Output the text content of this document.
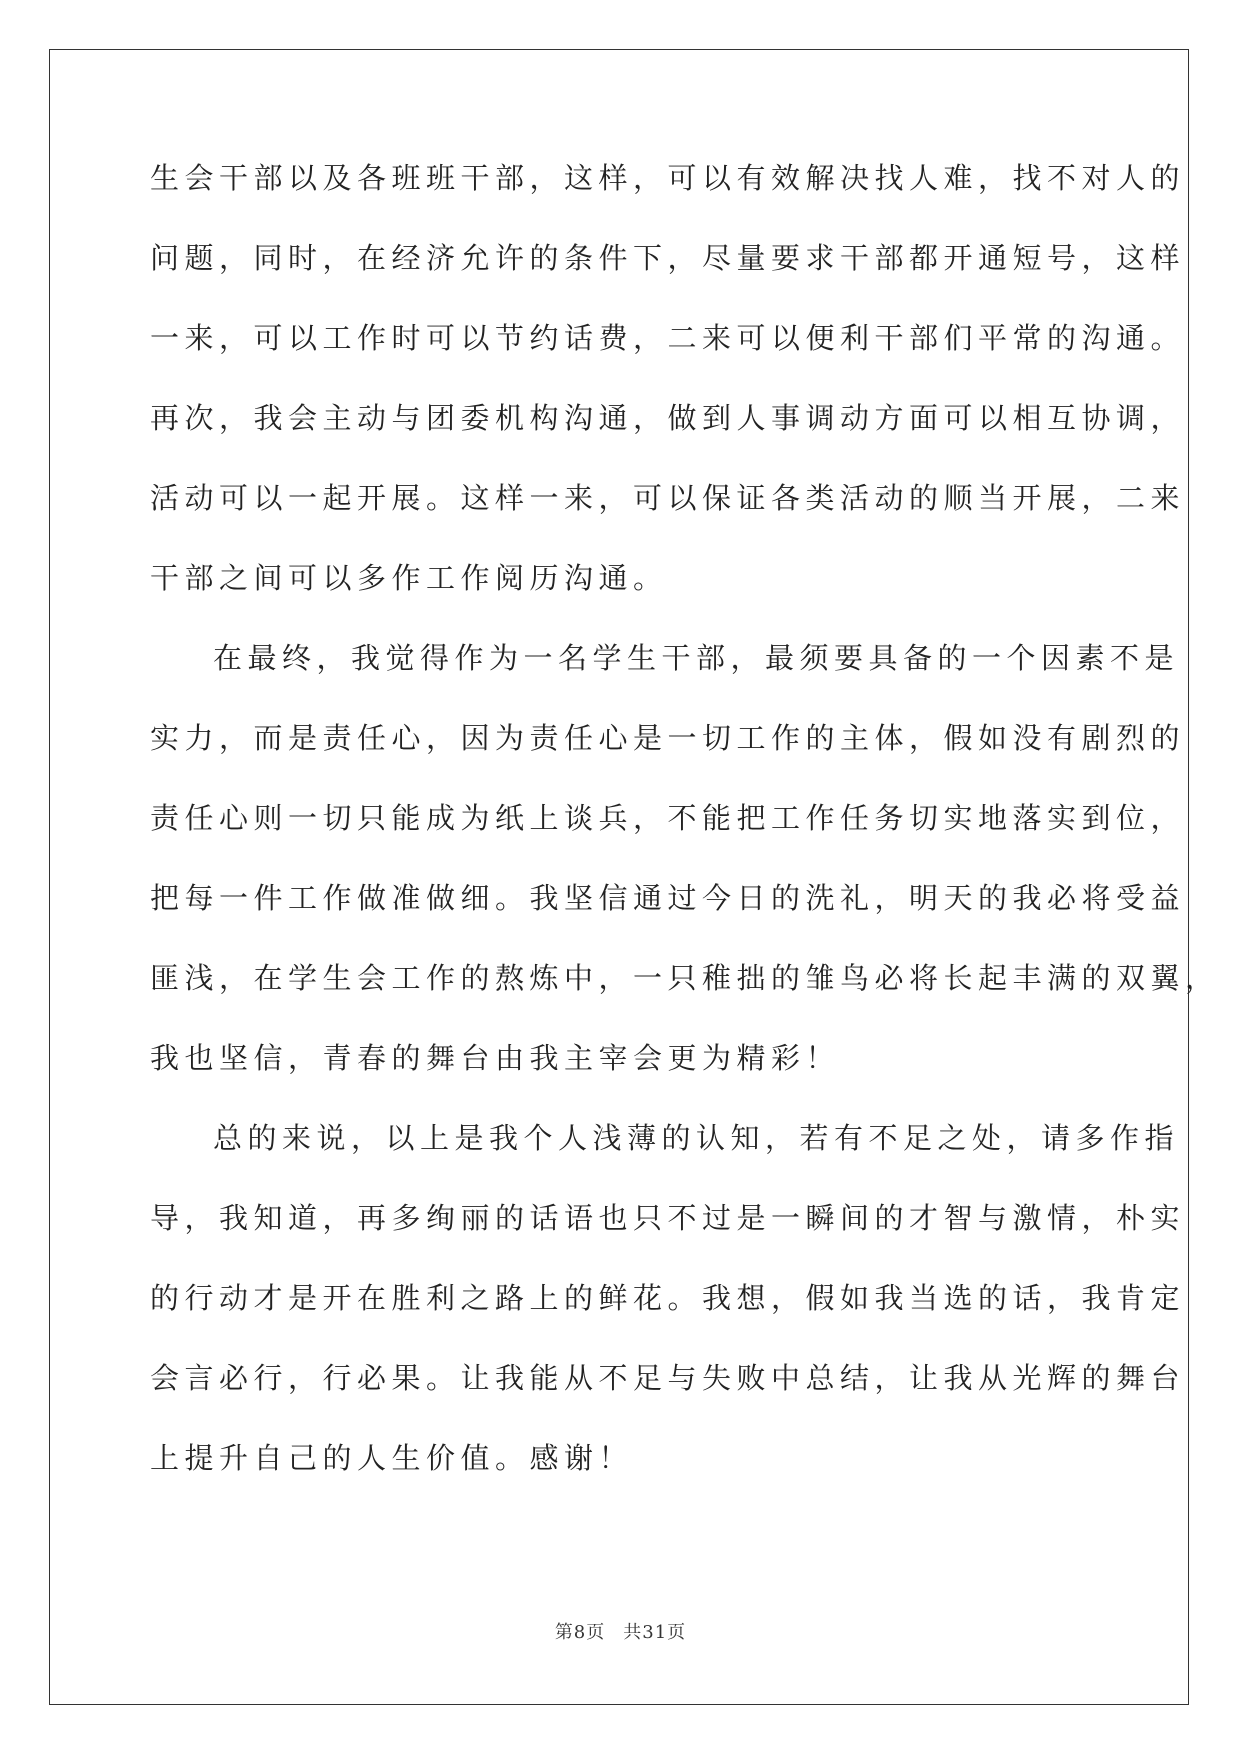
生会干部以及各班班干部，这样，可以有效解决找人难，找不对人的
问题，同时，在经济允许的条件下，尽量要求干部都开通短号，这样
一来，可以工作时可以节约话费，二来可以便利干部们平常的沟通。
再次，我会主动与团委机构沟通，做到人事调动方面可以相互协调，
活动可以一起开展。这样一来，可以保证各类活动的顺当开展，二来
干部之间可以多作工作阅历沟通。
在最终，我觉得作为一名学生干部，最须要具备的一个因素不是
实力，而是责任心，因为责任心是一切工作的主体，假如没有剧烈的
责任心则一切只能成为纸上谈兵，不能把工作任务切实地落实到位，
把每一件工作做准做细。我坚信通过今日的洗礼，明天的我必将受益
匪浅，在学生会工作的熬炼中，一只稚拙的雏鸟必将长起丰满的双翼，
我也坚信，青春的舞台由我主宰会更为精彩！
总的来说，以上是我个人浅薄的认知，若有不足之处，请多作指
导，我知道，再多绚丽的话语也只不过是一瞬间的才智与激情，朴实
的行动才是开在胜利之路上的鲜花。我想，假如我当选的话，我肯定
会言必行，行必果。让我能从不足与失败中总结，让我从光辉的舞台
上提升自己的人生价值。感谢！
第8页 共31页
